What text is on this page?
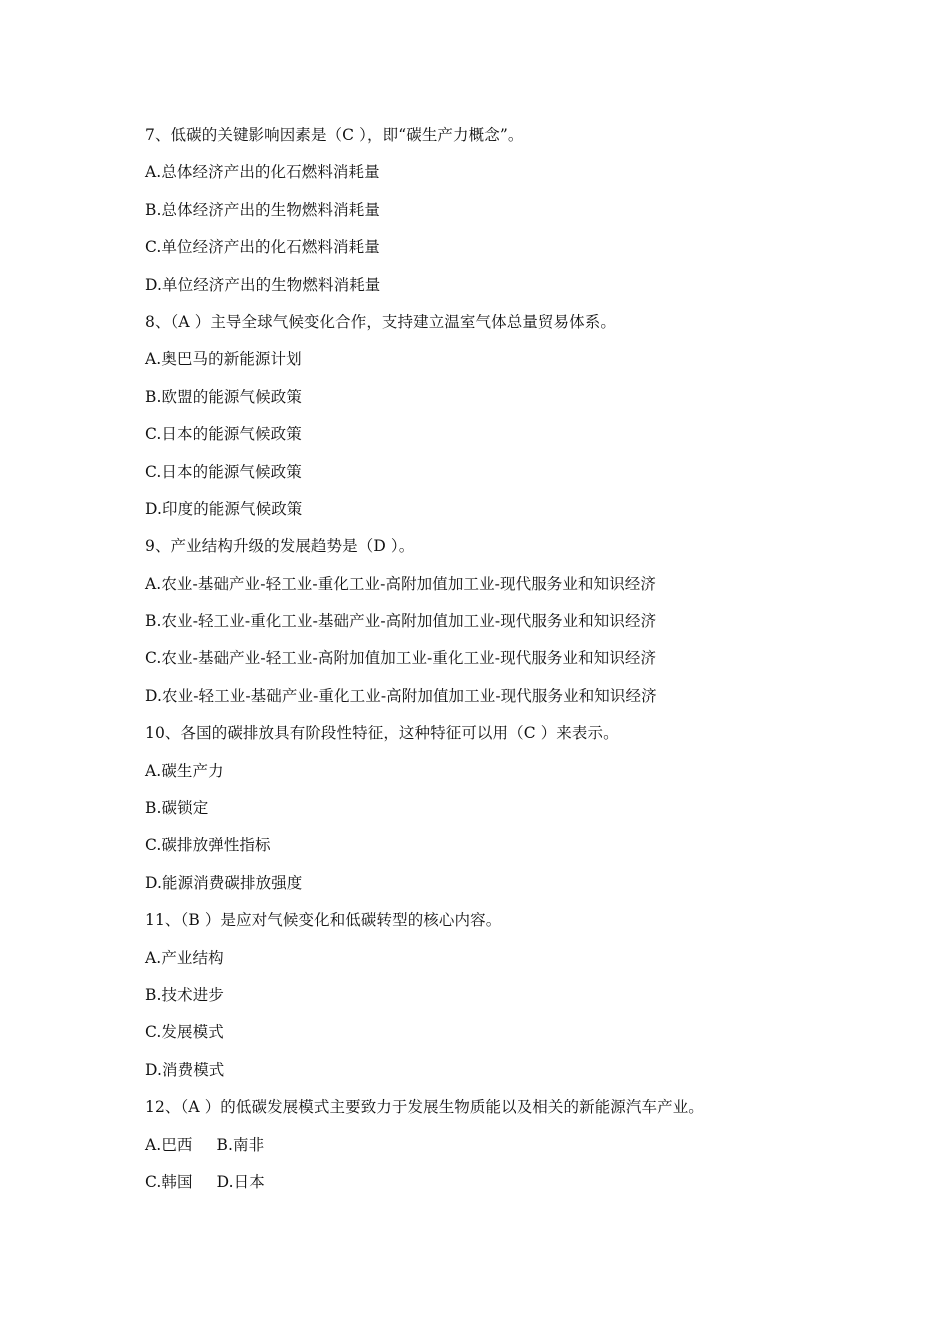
7、低碳的关键影响因素是（C ），即“碳生产力概念”。
A.总体经济产出的化石燃料消耗量
B.总体经济产出的生物燃料消耗量
C.单位经济产出的化石燃料消耗量
D.单位经济产出的生物燃料消耗量
8、（A ）主导全球气候变化合作，支持建立温室气体总量贸易体系。
A.奥巴马的新能源计划
B.欧盟的能源气候政策
C.日本的能源气候政策
C.日本的能源气候政策
D.印度的能源气候政策
9、产业结构升级的发展趋势是（D ）。
A.农业-基础产业-轻工业-重化工业-高附加值加工业-现代服务业和知识经济
B.农业-轻工业-重化工业-基础产业-高附加值加工业-现代服务业和知识经济
C.农业-基础产业-轻工业-高附加值加工业-重化工业-现代服务业和知识经济
D.农业-轻工业-基础产业-重化工业-高附加值加工业-现代服务业和知识经济
10、各国的碳排放具有阶段性特征，这种特征可以用（C ）来表示。
A.碳生产力
B.碳锁定
C.碳排放弹性指标
D.能源消费碳排放强度
11、（B ）是应对气候变化和低碳转型的核心内容。
A.产业结构
B.技术进步
C.发展模式
D.消费模式
12、（A ）的低碳发展模式主要致力于发展生物质能以及相关的新能源汽车产业。
A.巴西 B.南非
C.韩国 D.日本
